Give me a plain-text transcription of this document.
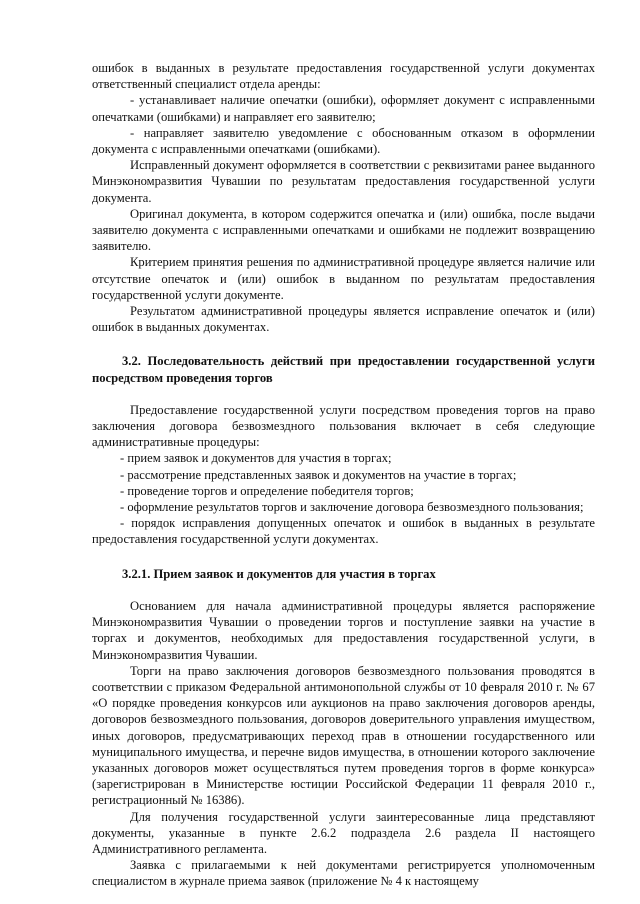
ошибок в выданных в результате предоставления государственной услуги документах ответственный специалист отдела аренды:

- устанавливает наличие опечатки (ошибки), оформляет документ с исправленными опечатками (ошибками) и направляет его заявителю;

- направляет заявителю уведомление с обоснованным отказом в оформлении документа с исправленными опечатками (ошибками).

Исправленный документ оформляется в соответствии с реквизитами ранее выданного Минэкономразвития Чувашии по результатам предоставления государственной услуги документа.

Оригинал документа, в котором содержится опечатка и (или) ошибка, после выдачи заявителю документа с исправленными опечатками и ошибками не подлежит возвращению заявителю.

Критерием принятия решения по административной процедуре является наличие или отсутствие опечаток и (или) ошибок в выданном по результатам предоставления государственной услуги документе.

Результатом административной процедуры является исправление опечаток и (или) ошибок в выданных документах.

3.2. Последовательность действий при предоставлении государственной услуги посредством проведения торгов

Предоставление государственной услуги посредством проведения торгов на право заключения договора безвозмездного пользования включает в себя следующие административные процедуры:

- прием заявок и документов для участия в торгах;

- рассмотрение представленных заявок и документов на участие в торгах;

- проведение торгов и определение победителя торгов;

- оформление результатов торгов и заключение договора безвозмездного пользования;

- порядок исправления допущенных опечаток и ошибок в выданных в результате предоставления государственной услуги документах.

3.2.1. Прием заявок и документов для участия в торгах

Основанием для начала административной процедуры является распоряжение Минэкономразвития Чувашии о проведении торгов и поступление заявки на участие в торгах и документов, необходимых для предоставления государственной услуги, в Минэкономразвития Чувашии.

Торги на право заключения договоров безвозмездного пользования проводятся в соответствии с приказом Федеральной антимонопольной службы от 10 февраля 2010 г. № 67 «О порядке проведения конкурсов или аукционов на право заключения договоров аренды, договоров безвозмездного пользования, договоров доверительного управления имуществом, иных договоров, предусматривающих переход прав в отношении государственного или муниципального имущества, и перечне видов имущества, в отношении которого заключение указанных договоров может осуществляться путем проведения торгов в форме конкурса» (зарегистрирован в Министерстве юстиции Российской Федерации 11 февраля 2010 г., регистрационный № 16386).

Для получения государственной услуги заинтересованные лица представляют документы, указанные в пункте 2.6.2 подраздела 2.6 раздела II настоящего Административного регламента.

Заявка с прилагаемыми к ней документами регистрируется уполномоченным специалистом в журнале приема заявок (приложение № 4 к настоящему
